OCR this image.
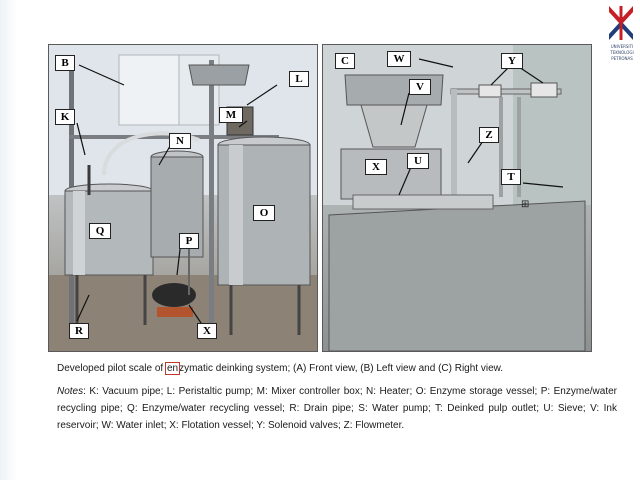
UNIVERSITI
TEKNOLOGI
PETRONAS
B
L
M
K
N
O
Q
P
R	X
⊞
C	W	Y
V
Z
X	U
T
Developed pilot scale of enzymatic deinking system; (A) Front view, (B) Left view and (C) Right view.
Notes: K: Vacuum pipe; L: Peristaltic pump; M: Mixer controller box; N: Heater; O: Enzyme storage vessel; P: Enzyme/water recycling pipe; Q: Enzyme/water recycling vessel; R: Drain pipe; S: Water pump; T: Deinked pulp outlet; U: Sieve; V: Ink reservoir; W: Water inlet; X: Flotation vessel; Y: Solenoid valves; Z: Flowmeter.
